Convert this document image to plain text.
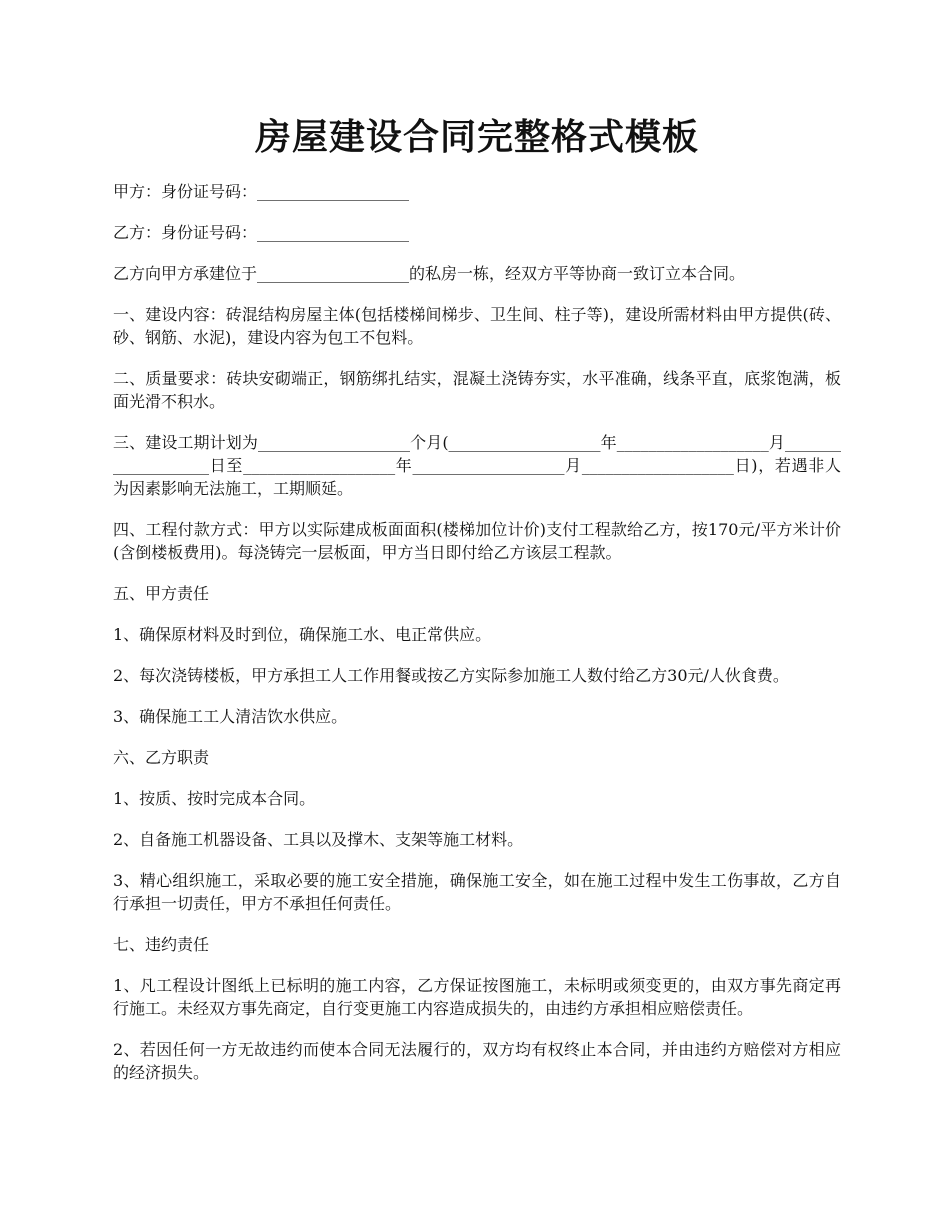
房屋建设合同完整格式模板

甲方：身份证号码：___________________

乙方：身份证号码：___________________

乙方向甲方承建位于___________________的私房一栋，经双方平等协商一致订立本合同。

一、建设内容：砖混结构房屋主体(包括楼梯间梯步、卫生间、柱子等)，建设所需材料由甲方提供(砖、砂、钢筋、水泥)，建设内容为包工不包料。

二、质量要求：砖块安砌端正，钢筋绑扎结实，混凝土浇铸夯实，水平准确，线条平直，底浆饱满，板面光滑不积水。

三、建设工期计划为___________________个月(___________________年___________________月___________________日至___________________年___________________月___________________日)，若遇非人为因素影响无法施工，工期顺延。

四、工程付款方式：甲方以实际建成板面面积(楼梯加位计价)支付工程款给乙方，按170元/平方米计价(含倒楼板费用)。每浇铸完一层板面，甲方当日即付给乙方该层工程款。

五、甲方责任

1、确保原材料及时到位，确保施工水、电正常供应。

2、每次浇铸楼板，甲方承担工人工作用餐或按乙方实际参加施工人数付给乙方30元/人伙食费。

3、确保施工工人清洁饮水供应。

六、乙方职责

1、按质、按时完成本合同。

2、自备施工机器设备、工具以及撑木、支架等施工材料。

3、精心组织施工，采取必要的施工安全措施，确保施工安全，如在施工过程中发生工伤事故，乙方自行承担一切责任，甲方不承担任何责任。

七、违约责任

1、凡工程设计图纸上已标明的施工内容，乙方保证按图施工，未标明或须变更的，由双方事先商定再行施工。未经双方事先商定，自行变更施工内容造成损失的，由违约方承担相应赔偿责任。

2、若因任何一方无故违约而使本合同无法履行的，双方均有权终止本合同，并由违约方赔偿对方相应的经济损失。
